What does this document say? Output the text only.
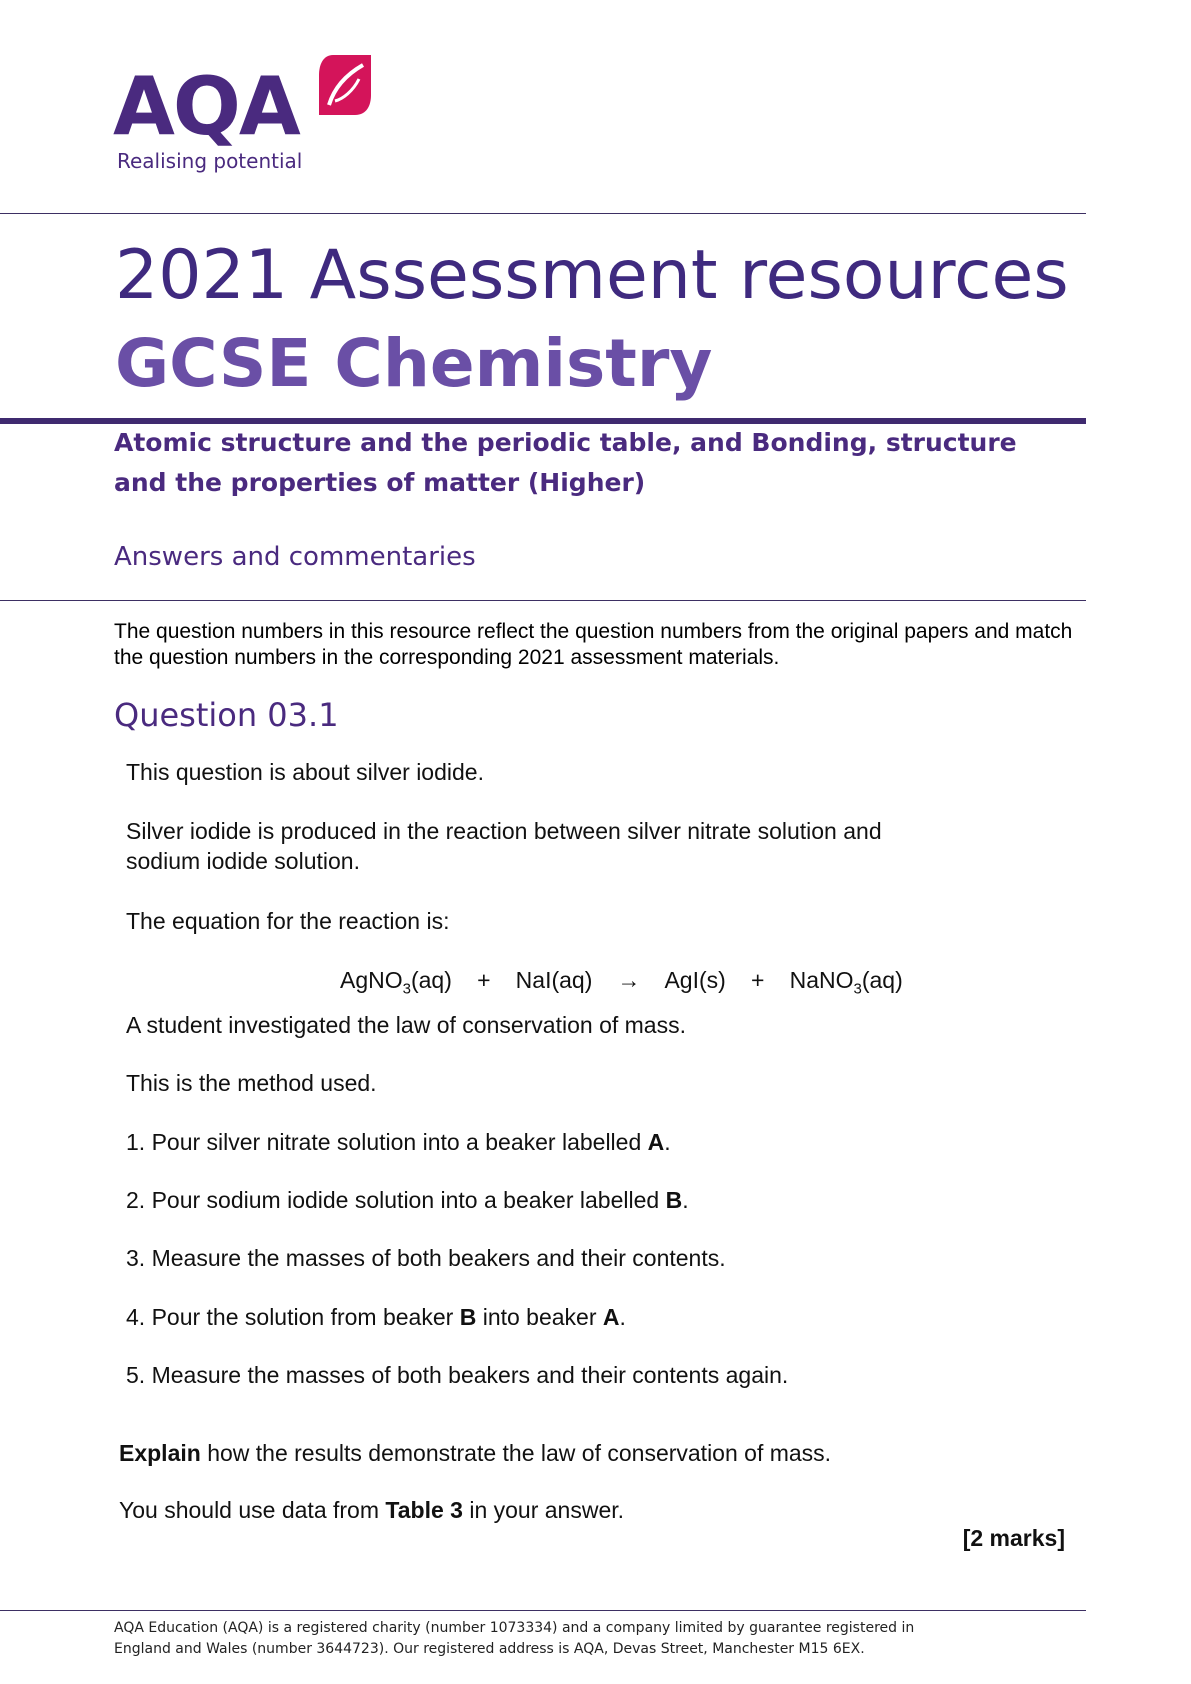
AQA
Realising potential
2021 Assessment resources
GCSE Chemistry
Atomic structure and the periodic table, and Bonding, structure and the properties of matter (Higher)
Answers and commentaries
The question numbers in this resource reflect the question numbers from the original papers and match the question numbers in the corresponding 2021 assessment materials.
Question 03.1
This question is about silver iodide.
Silver iodide is produced in the reaction between silver nitrate solution and
sodium iodide solution.
The equation for the reaction is:
AgNO$_3$(aq) + NaI(aq) → AgI(s) + NaNO$_3$(aq)
A student investigated the law of conservation of mass.
This is the method used.
1. Pour silver nitrate solution into a beaker labelled A.
2. Pour sodium iodide solution into a beaker labelled B.
3. Measure the masses of both beakers and their contents.
4. Pour the solution from beaker B into beaker A.
5. Measure the masses of both beakers and their contents again.
Explain how the results demonstrate the law of conservation of mass.
You should use data from Table 3 in your answer.
[2 marks]
AQA Education (AQA) is a registered charity (number 1073334) and a company limited by guarantee registered in
England and Wales (number 3644723). Our registered address is AQA, Devas Street, Manchester M15 6EX.
